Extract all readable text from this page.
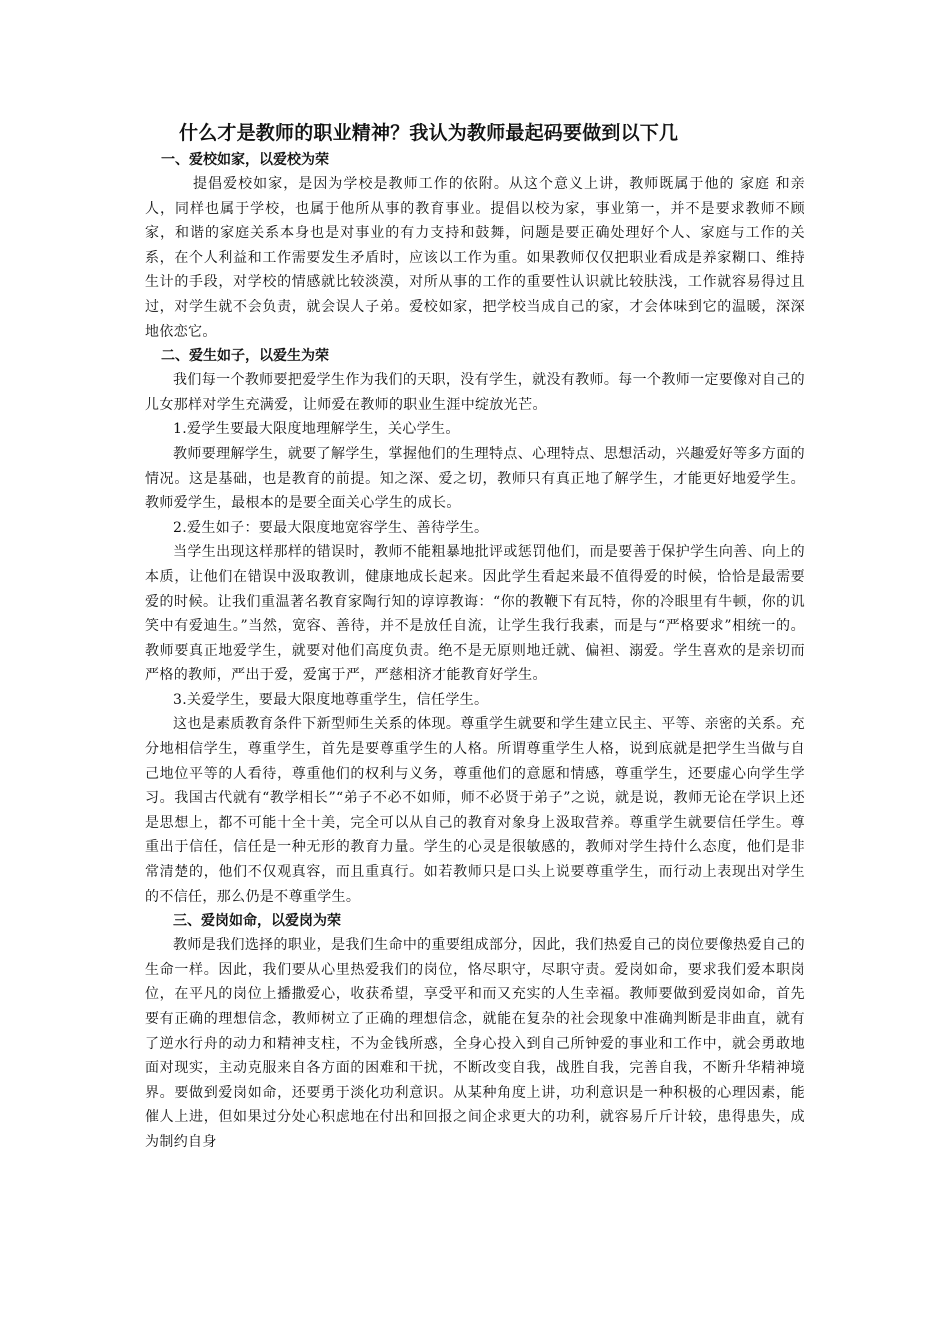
什么才是教师的职业精神？我认为教师最起码要做到以下几
一、爱校如家，以爱校为荣

提倡爱校如家，是因为学校是教师工作的依附。从这个意义上讲，教师既属于他的 家庭 和亲人，同样也属于学校，也属于他所从事的教育事业。提倡以校为家，事业第一，并不是要求教师不顾家，和谐的家庭关系本身也是对事业的有力支持和鼓舞，问题是要正确处理好个人、家庭与工作的关系，在个人利益和工作需要发生矛盾时，应该以工作为重。如果教师仅仅把职业看成是养家糊口、维持生计的手段，对学校的情感就比较淡漠，对所从事的工作的重要性认识就比较肤浅，工作就容易得过且过，对学生就不会负责，就会误人子弟。爱校如家，把学校当成自己的家，才会体味到它的温暖，深深地依恋它。

二、爱生如子，以爱生为荣

我们每一个教师要把爱学生作为我们的天职，没有学生，就没有教师。每一个教师一定要像对自己的儿女那样对学生充满爱，让师爱在教师的职业生涯中绽放光芒。

1.爱学生要最大限度地理解学生，关心学生。

教师要理解学生，就要了解学生，掌握他们的生理特点、心理特点、思想活动，兴趣爱好等多方面的情况。这是基础，也是教育的前提。知之深、爱之切，教师只有真正地了解学生，才能更好地爱学生。教师爱学生，最根本的是要全面关心学生的成长。

2.爱生如子：要最大限度地宽容学生、善待学生。

当学生出现这样那样的错误时，教师不能粗暴地批评或惩罚他们，而是要善于保护学生向善、向上的本质，让他们在错误中汲取教训，健康地成长起来。因此学生看起来最不值得爱的时候，恰恰是最需要爱的时候。让我们重温著名教育家陶行知的谆谆教诲：“你的教鞭下有瓦特，你的冷眼里有牛顿，你的讥笑中有爱迪生。”当然，宽容、善待，并不是放任自流，让学生我行我素，而是与“严格要求”相统一的。教师要真正地爱学生，就要对他们高度负责。绝不是无原则地迁就、偏袒、溺爱。学生喜欢的是亲切而严格的教师，严出于爱，爱寓于严，严慈相济才能教育好学生。

3.关爱学生，要最大限度地尊重学生，信任学生。

这也是素质教育条件下新型师生关系的体现。尊重学生就要和学生建立民主、平等、亲密的关系。充分地相信学生，尊重学生，首先是要尊重学生的人格。所谓尊重学生人格，说到底就是把学生当做与自己地位平等的人看待，尊重他们的权利与义务，尊重他们的意愿和情感，尊重学生，还要虚心向学生学习。我国古代就有“教学相长”“弟子不必不如师，师不必贤于弟子”之说，就是说，教师无论在学识上还是思想上，都不可能十全十美，完全可以从自己的教育对象身上汲取营养。尊重学生就要信任学生。尊重出于信任，信任是一种无形的教育力量。学生的心灵是很敏感的，教师对学生持什么态度，他们是非常清楚的，他们不仅观真容，而且重真行。如若教师只是口头上说要尊重学生，而行动上表现出对学生的不信任，那么仍是不尊重学生。

三、爱岗如命，以爱岗为荣

教师是我们选择的职业，是我们生命中的重要组成部分，因此，我们热爱自己的岗位要像热爱自己的生命一样。因此，我们要从心里热爱我们的岗位，恪尽职守，尽职守责。爱岗如命，要求我们爱本职岗位，在平凡的岗位上播撒爱心，收获希望，享受平和而又充实的人生幸福。教师要做到爱岗如命，首先要有正确的理想信念，教师树立了正确的理想信念，就能在复杂的社会现象中准确判断是非曲直，就有了逆水行舟的动力和精神支柱，不为金钱所惑，全身心投入到自己所钟爱的事业和工作中，就会勇敢地面对现实，主动克服来自各方面的困难和干扰，不断改变自我，战胜自我，完善自我，不断升华精神境界。要做到爱岗如命，还要勇于淡化功利意识。从某种角度上讲，功利意识是一种积极的心理因素，能催人上进，但如果过分处心积虑地在付出和回报之间企求更大的功利，就容易斤斤计较，患得患失，成为制约自身
